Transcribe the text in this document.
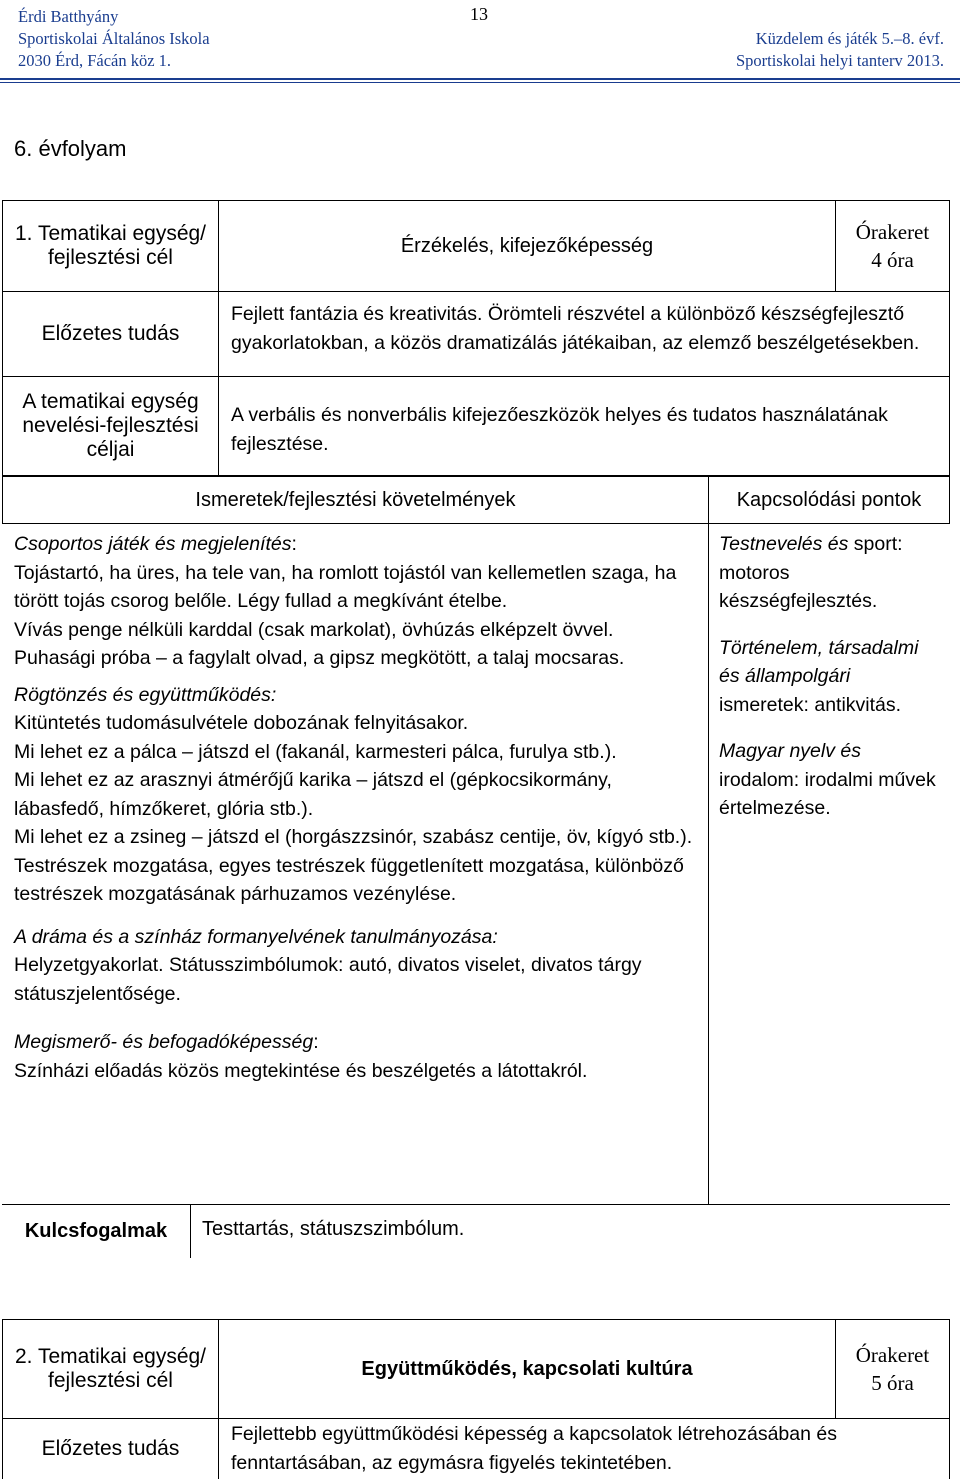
Érdi Batthyány
Sportiskolai Általános Iskola
2030 Érd, Fácán köz 1.
13
Küzdelem és játék 5.–8. évf.
Sportiskolai helyi tanterv 2013.
6. évfolyam
1. Tematikai egység/ fejlesztési cél
Érzékelés, kifejezőképesség
Órakeret
4 óra
Előzetes tudás
Fejlett fantázia és kreativitás. Örömteli részvétel a különböző készségfejlesztő gyakorlatokban, a közös dramatizálás játékaiban, az elemző beszélgetésekben.
A tematikai egység nevelési-fejlesztési céljai
A verbális és nonverbális kifejezőeszközök helyes és tudatos használatának fejlesztése.
Ismeretek/fejlesztési követelmények	Kapcsolódási pontok

Csoportos játék és megjelenítés:

Tojástartó, ha üres, ha tele van, ha romlott tojástól van kellemetlen szaga, ha törött tojás csorog belőle. Légy fullad a megkívánt ételbe.

Vívás penge nélküli karddal (csak markolat), övhúzás elképzelt övvel.

Puhasági próba – a fagylalt olvad, a gipsz megkötött, a talaj mocsaras.

Rögtönzés és együttműködés:

Kitüntetés tudomásulvétele dobozának felnyitásakor.

Mi lehet ez a pálca – játszd el (fakanál, karmesteri pálca, furulya stb.).

Mi lehet ez az arasznyi átmérőjű karika – játszd el (gépkocsikormány, lábasfedő, hímzőkeret, glória stb.).

Mi lehet ez a zsineg – játszd el (horgászzsinór, szabász centije, öv, kígyó stb.).

Testrészek mozgatása, egyes testrészek függetlenített mozgatása, különböző testrészek mozgatásának párhuzamos vezénylése.

A dráma és a színház formanyelvének tanulmányozása:

Helyzetgyakorlat. Státusszimbólumok: autó, divatos viselet, divatos tárgy státuszjelentősége.

Megismerő- és befogadóképesség:

Színházi előadás közös megtekintése és beszélgetés a látottakról.

Testnevelés és sport: motoros készségfejlesztés.

Történelem, társadalmi és állampolgári ismeretek: antikvitás.

Magyar nyelv és irodalom: irodalmi művek értelmezése.

Kulcsfogalmak	Testtartás, státuszszimbólum.
2. Tematikai egység/ fejlesztési cél
Együttműködés, kapcsolati kultúra
Órakeret
5 óra
Előzetes tudás
Fejlettebb együttműködési képesség a kapcsolatok létrehozásában és fenntartásában, az egymásra figyelés tekintetében.
